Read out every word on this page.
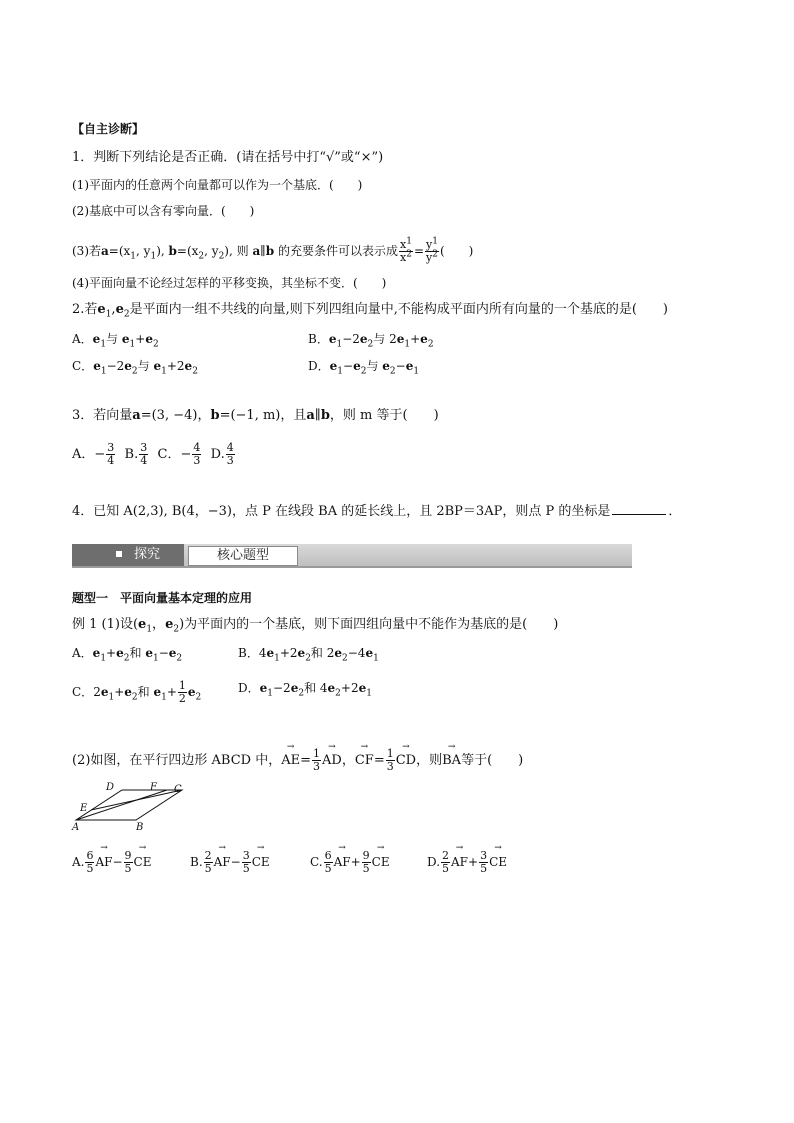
【自主诊断】
1．判断下列结论是否正确．(请在括号中打“√”或“×”)
(1)平面内的任意两个向量都可以作为一个基底．(　　)
(2)基底中可以含有零向量．(　　)
(3)若$a=(x_1$, $y_1$), $b=(x_2$, $y_2$), 则 a∥b 的充要条件可以表示成 $\frac{x^1}{x^2} = \frac{y^1}{y^2}$ (　　)
(4)平面向量不论经过怎样的平移变换，其坐标不变．(　　)
2.若$e_1,e_2$是平面内一组不共线的向量,则下列四组向量中,不能构成平面内所有向量的一个基底的是(　　)
A．$e_1$与 $e_1+e_2$	B．$e_1-2e_2$与 $2e_1+e_2$
C．$e_1-2e_2$与 $e_1+2e_2$	D．$e_1-e_2$与 $e_2-e_1$
3．若向量a=(3, −4)，b=(−1, m)，且a∥b，则 m 等于(　　)
A．− $\frac{3}{4} B$. $\frac{3}{4}$ C．− $\frac{4}{3} D$. $\frac{4}{3}$
4．已知 A(2,3), B(4，−3)，点 P 在线段 BA 的延长线上，且 2BP＝3AP，则点 P 的坐标是	．
探究	核心题型
题型一　平面向量基本定理的应用
例 1 (1)设($e_1$，$e_2$)为平面内的一个基底，则下面四组向量中不能作为基底的是(　　)
A．$e_1+e_2$和 $e_1-e_2$	B．$4e_1+2e_2$和 $2e_2-4e_1$
C．$2e_1+e_2$和 $e_1+ \frac{1}{2} e_2$
D．$e_1-2e_2$和 $4e_2+2e_1$
(2)如图，在平行四边形 ABCD 中，→ $AE= \frac{1}{3}$
→ AD，→ $CF= \frac{1}{3}$
→ CD，则→ BA等于(　　)
D	F C
E
A	B
A. $\frac{6}{5}$
→ $AF- \frac{9}{5}$
→ CE	B. $\frac{2}{5}$
→ $AF- \frac{3}{5}$
→ CE	C. $\frac{6}{5}$
→ $AF+ \frac{9}{5}$
→ CE	D. $\frac{2}{5}$
→ $AF+ \frac{3}{5}$
→ CE
